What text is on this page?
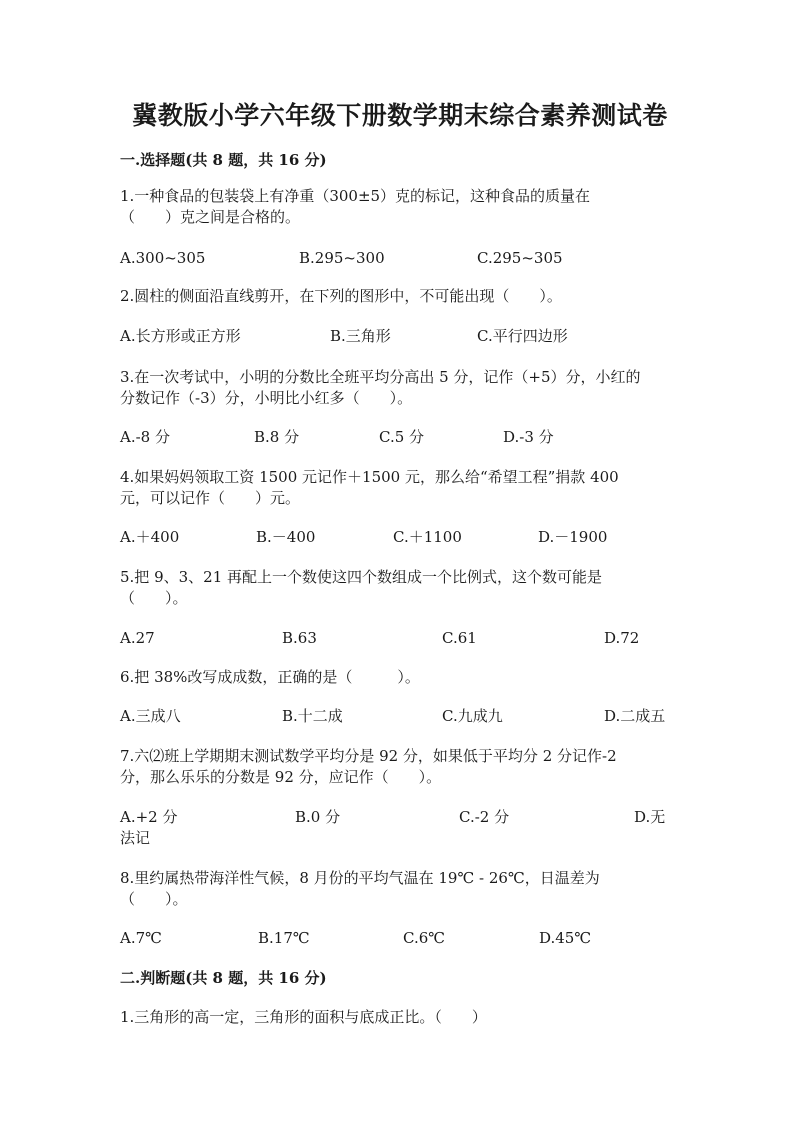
冀教版小学六年级下册数学期末综合素养测试卷
一.选择题(共 8 题，共 16 分)
1.一种食品的包装袋上有净重（300±5）克的标记，这种食品的质量在
（　　）克之间是合格的。
A.300~305	B.295~300	C.295~305
2.圆柱的侧面沿直线剪开，在下列的图形中，不可能出现（　　）。
A.长方形或正方形	B.三角形	C.平行四边形
3.在一次考试中，小明的分数比全班平均分高出 5 分，记作（+5）分，小红的
分数记作（-3）分，小明比小红多（　　）。
A.-8 分	B.8 分	C.5 分	D.-3 分
4.如果妈妈领取工资 1500 元记作＋1500 元，那么给“希望工程”捐款 400
元，可以记作（　　）元。
A.＋400	B.－400	C.＋1100	D.－1900
5.把 9、3、21 再配上一个数使这四个数组成一个比例式，这个数可能是
（　　）。
A.27	B.63	C.61	D.72
6.把 38%改写成成数，正确的是（　　　）。
A.三成八	B.十二成	C.九成九	D.二成五
7.六⑵班上学期期末测试数学平均分是 92 分，如果低于平均分 2 分记作-2
分，那么乐乐的分数是 92 分，应记作（　　）。
A.+2 分	B.0 分	C.-2 分	D.无
法记
8.里约属热带海洋性气候，8 月份的平均气温在 19℃ - 26℃，日温差为
（　　）。
A.7℃	B.17℃	C.6℃	D.45℃
二.判断题(共 8 题，共 16 分)
1.三角形的高一定，三角形的面积与底成正比。（　　）
